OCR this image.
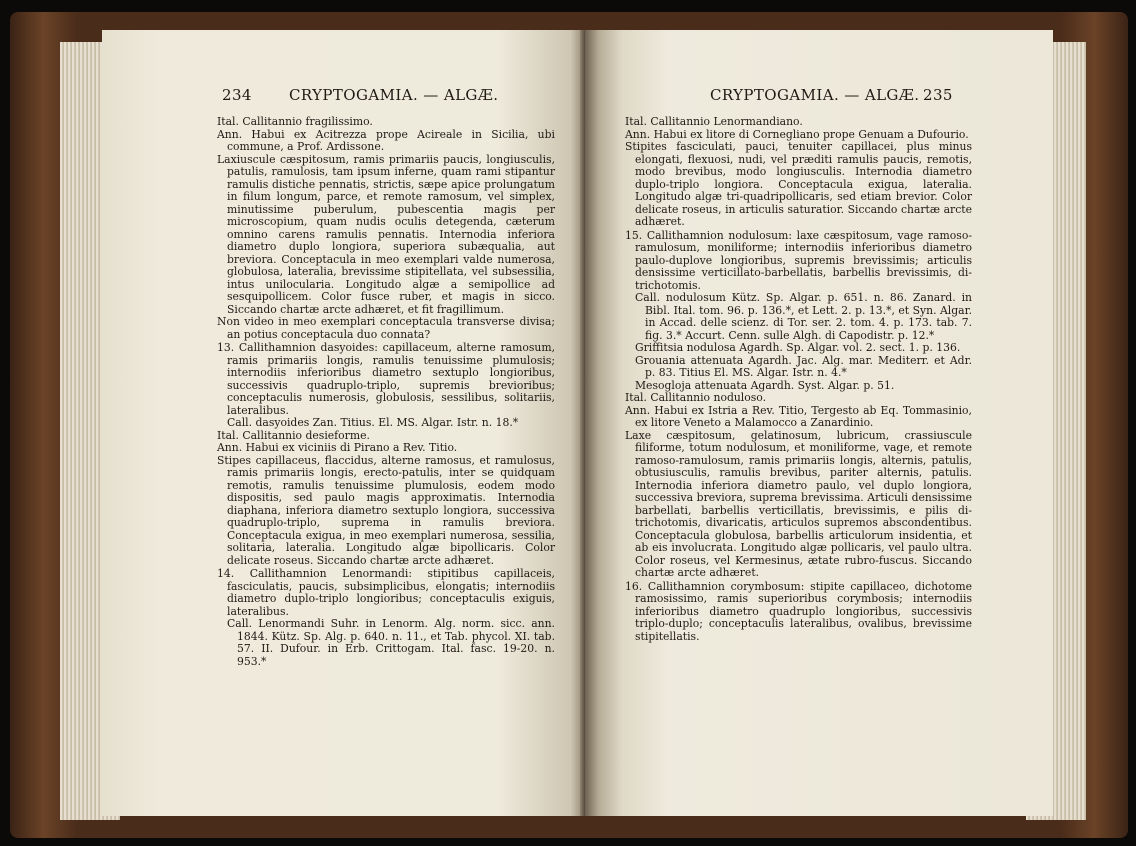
234 CRYPTOGAMIA. — ALGÆ.

Ital. Callitannio fragilissimo.

Ann. Habui ex Acitrezza prope Acireale in Sicilia, ubi commune, a Prof. Ardissone.

Laxiuscule cæspitosum, ramis primariis paucis, longiusculis, patulis, ramulosis, tam ipsum inferne, quam rami stipantur ramulis distiche pennatis, strictis, sæpe apice prolungatum in filum longum, parce, et remote ramosum, vel simplex, minutissime puberulum, pubescentia magis per microscopium, quam nudis oculis detegenda, cæterum omnino carens ramulis pennatis. Internodia inferiora diametro duplo longiora, superiora subæqualia, aut breviora. Conceptacula in meo exemplari valde numerosa, globulosa, lateralia, brevissime stipitellata, vel subsessilia, intus unilocularia. Longitudo algæ a semipollice ad sesquipollicem. Color fusce ruber, et magis in sicco. Siccando chartæ arcte adhæret, et fit fragillimum.

Non video in meo exemplari conceptacula transverse divisa; an potius conceptacula duo connata?

13. Callithamnion dasyoides: capillaceum, alterne ramosum, ramis primariis longis, ramulis tenuissime plumulosis; internodiis inferioribus diametro sextuplo longioribus, successivis quadruplo-triplo, supremis brevioribus; conceptaculis numerosis, globulosis, sessilibus, solitariis, lateralibus.

Call. dasyoides Zan. Titius. El. MS. Algar. Istr. n. 18.*

Ital. Callitannio desieforme.

Ann. Habui ex viciniis di Pirano a Rev. Titio.

Stipes capillaceus, flaccidus, alterne ramosus, et ramulosus, ramis primariis longis, erecto-patulis, inter se quidquam remotis, ramulis tenuissime plumulosis, eodem modo dispositis, sed paulo magis approximatis. Internodia diaphana, inferiora diametro sextuplo longiora, successiva quadruplo-triplo, suprema in ramulis breviora. Conceptacula exigua, in meo exemplari numerosa, sessilia, solitaria, lateralia. Longitudo algæ bipollicaris. Color delicate roseus. Siccando chartæ arcte adhæret.

14. Callithamnion Lenormandi: stipitibus capillaceis, fasciculatis, paucis, subsimplicibus, elongatis; internodiis diametro duplo-triplo longioribus; conceptaculis exiguis, lateralibus.

Call. Lenormandi Suhr. in Lenorm. Alg. norm. sicc. ann. 1844. Kütz. Sp. Alg. p. 640. n. 11., et Tab. phycol. XI. tab. 57. II. Dufour. in Erb. Crittogam. Ital. fasc. 19-20. n. 953.*

CRYPTOGAMIA. — ALGÆ. 235

Ital. Callitannio Lenormandiano.

Ann. Habui ex litore di Cornegliano prope Genuam a Dufourio.

Stipites fasciculati, pauci, tenuiter capillacei, plus minus elongati, flexuosi, nudi, vel præditi ramulis paucis, remotis, modo brevibus, modo longiusculis. Internodia diametro duplo-triplo longiora. Conceptacula exigua, lateralia. Longitudo algæ tri-quadripollicaris, sed etiam brevior. Color delicate roseus, in articulis saturatior. Siccando chartæ arcte adhæret.

15. Callithamnion nodulosum: laxe cæspitosum, vage ramoso-ramulosum, moniliforme; internodiis inferioribus diametro paulo-duplove longioribus, supremis brevissimis; articulis densissime verticillato-barbellatis, barbellis brevissimis, di-trichotomis.

Call. nodulosum Kütz. Sp. Algar. p. 651. n. 86. Zanard. in Bibl. Ital. tom. 96. p. 136.*, et Lett. 2. p. 13.*, et Syn. Algar. in Accad. delle scienz. di Tor. ser. 2. tom. 4. p. 173. tab. 7. fig. 3.* Accurt. Cenn. sulle Algh. di Capodistr. p. 12.*

Griffitsia nodulosa Agardh. Sp. Algar. vol. 2. sect. 1. p. 136.

Grouania attenuata Agardh. Jac. Alg. mar. Mediterr. et Adr. p. 83. Titius El. MS. Algar. Istr. n. 4.*

Mesogloja attenuata Agardh. Syst. Algar. p. 51.

Ital. Callitannio noduloso.

Ann. Habui ex Istria a Rev. Titio, Tergesto ab Eq. Tommasinio, ex litore Veneto a Malamocco a Zanardinio.

Laxe cæspitosum, gelatinosum, lubricum, crassiuscule filiforme, totum nodulosum, et moniliforme, vage, et remote ramoso-ramulosum, ramis primariis longis, alternis, patulis, obtusiusculis, ramulis brevibus, pariter alternis, patulis. Internodia inferiora diametro paulo, vel duplo longiora, successiva breviora, suprema brevissima. Articuli densissime barbellati, barbellis verticillatis, brevissimis, e pilis di-trichotomis, divaricatis, articulos supremos abscondentibus. Conceptacula globulosa, barbellis articulorum insidentia, et ab eis involucrata. Longitudo algæ pollicaris, vel paulo ultra. Color roseus, vel Kermesinus, ætate rubro-fuscus. Siccando chartæ arcte adhæret.

16. Callithamnion corymbosum: stipite capillaceo, dichotome ramosissimo, ramis superioribus corymbosis; internodiis inferioribus diametro quadruplo longioribus, successivis triplo-duplo; conceptaculis lateralibus, ovalibus, brevissime stipitellatis.
